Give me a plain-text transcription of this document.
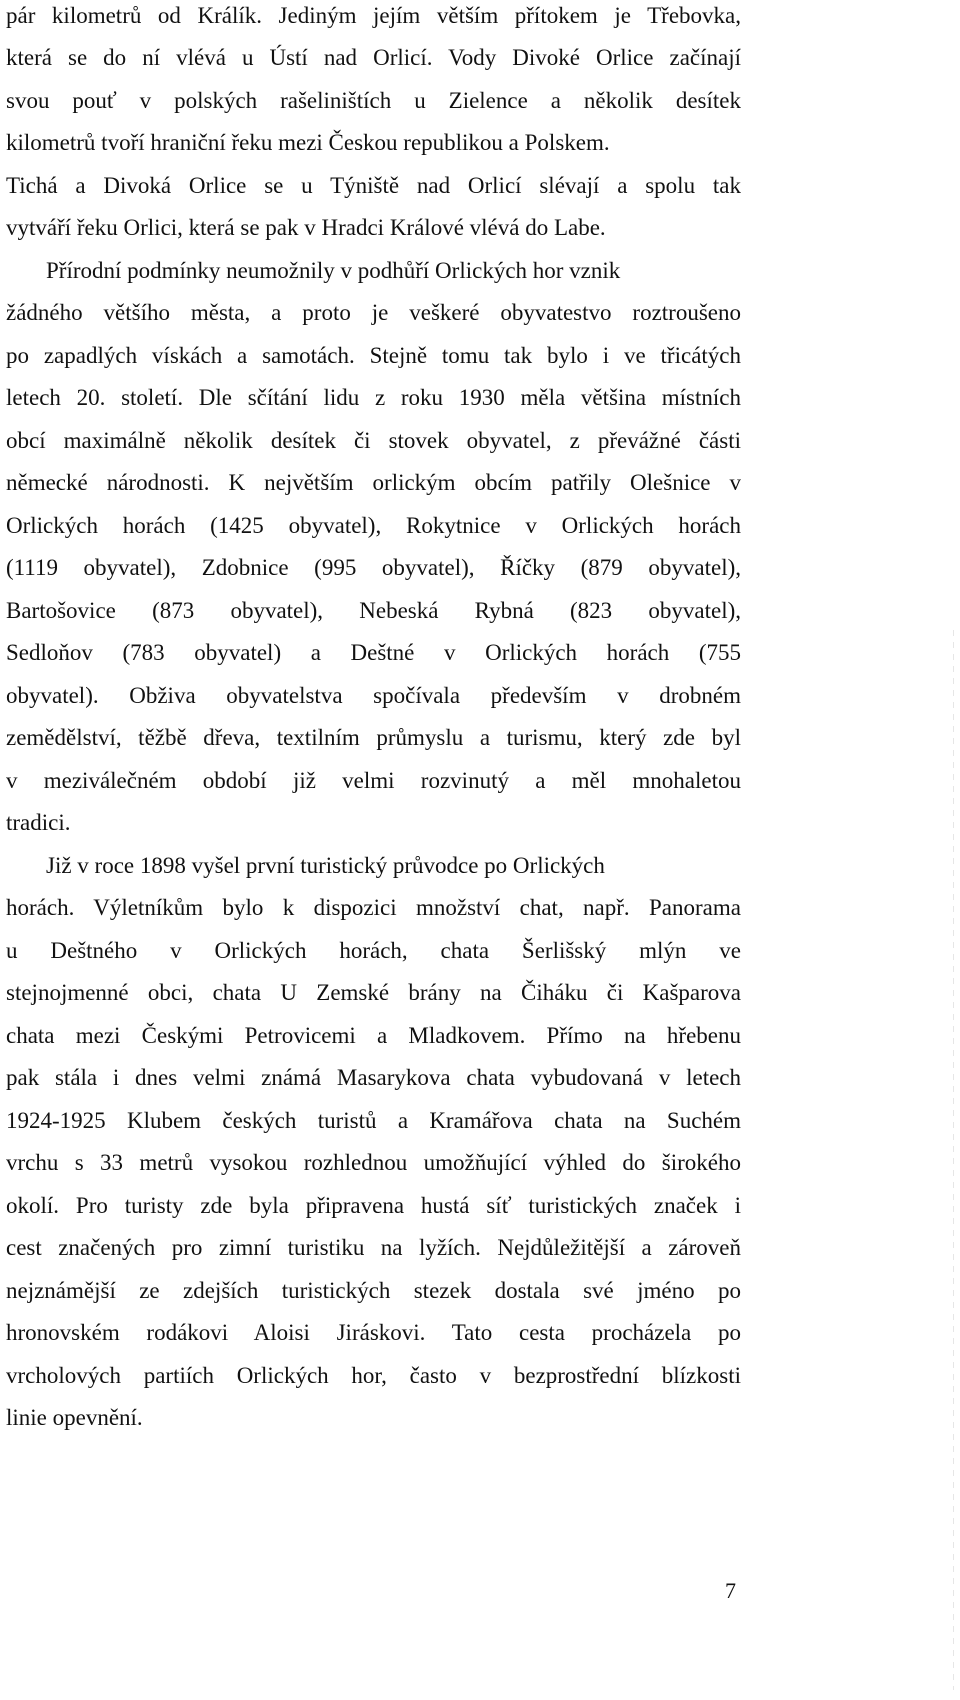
pár kilometrů od Králík. Jediným jejím větším přítokem je Třebovka,
která se do ní vlévá u Ústí nad Orlicí. Vody Divoké Orlice začínají
svou pouť v polských rašeliništích u Zielence a několik desítek
kilometrů tvoří hraniční řeku mezi Českou republikou a Polskem.
Tichá a Divoká Orlice se u Týniště nad Orlicí slévají a spolu tak
vytváří řeku Orlici, která se pak v Hradci Králové vlévá do Labe.
Přírodní podmínky neumožnily v podhůří Orlických hor vznik
žádného většího města, a proto je veškeré obyvatestvo roztroušeno
po zapadlých vískách a samotách. Stejně tomu tak bylo i ve třicátých
letech 20. století. Dle sčítání lidu z roku 1930 měla většina místních
obcí maximálně několik desítek či stovek obyvatel, z převážné části
německé národnosti. K největším orlickým obcím patřily Olešnice v
Orlických horách (1425 obyvatel), Rokytnice v Orlických horách
(1119 obyvatel), Zdobnice (995 obyvatel), Říčky (879 obyvatel),
Bartošovice (873 obyvatel), Nebeská Rybná (823 obyvatel),
Sedloňov (783 obyvatel) a Deštné v Orlických horách (755
obyvatel). Obživa obyvatelstva spočívala především v drobném
zemědělství, těžbě dřeva, textilním průmyslu a turismu, který zde byl
v meziválečném období již velmi rozvinutý a měl mnohaletou
tradici.
Již v roce 1898 vyšel první turistický průvodce po Orlických
horách. Výletníkům bylo k dispozici množství chat, např. Panorama
u Deštného v Orlických horách, chata Šerlišský mlýn ve
stejnojmenné obci, chata U Zemské brány na Čiháku či Kašparova
chata mezi Českými Petrovicemi a Mladkovem. Přímo na hřebenu
pak stála i dnes velmi známá Masarykova chata vybudovaná v letech
1924-1925 Klubem českých turistů a Kramářova chata na Suchém
vrchu s 33 metrů vysokou rozhlednou umožňující výhled do širokého
okolí. Pro turisty zde byla připravena hustá síť turistických značek i
cest značených pro zimní turistiku na lyžích. Nejdůležitější a zároveň
nejznámější ze zdejších turistických stezek dostala své jméno po
hronovském rodákovi Aloisi Jiráskovi. Tato cesta procházela po
vrcholových partiích Orlických hor, často v bezprostřední blízkosti
linie opevnění.
7
